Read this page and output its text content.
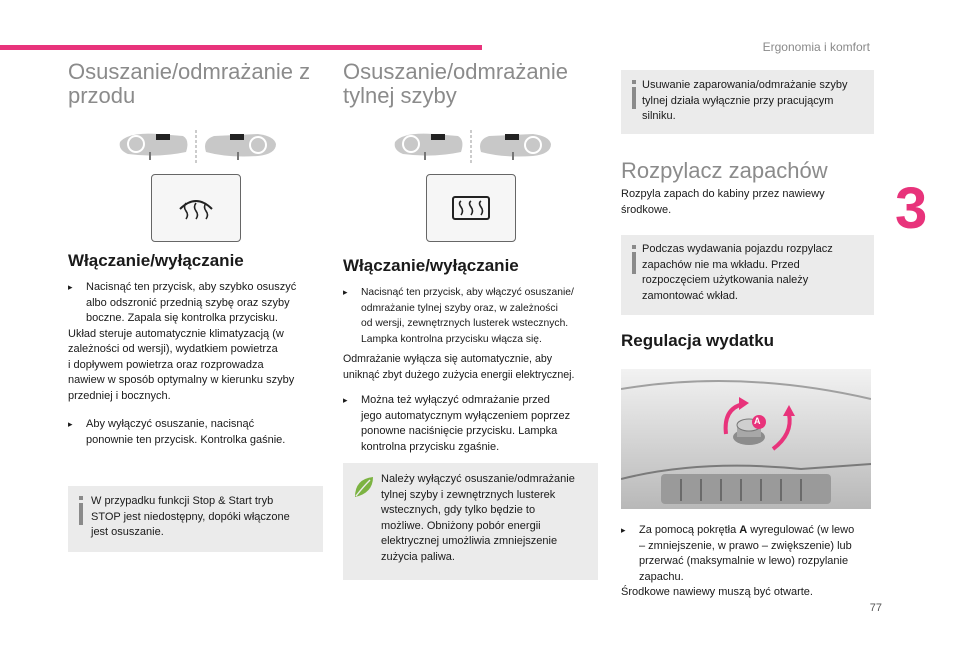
Ergonomia i komfort
3
77
Osuszanie/odmrażanie z
przodu
Włączanie/wyłączanie
▸ Nacisnąć ten przycisk, aby szybko osuszyć
albo odszronić przednią szybę oraz szyby
boczne. Zapala się kontrolka przycisku.
Układ steruje automatycznie klimatyzacją (w
zależności od wersji), wydatkiem powietrza
i dopływem powietrza oraz rozprowadza
nawiew w sposób optymalny w kierunku szyby
przedniej i bocznych.
▸ Aby wyłączyć osuszanie, nacisnąć
ponownie ten przycisk. Kontrolka gaśnie.
W przypadku funkcji Stop & Start tryb
STOP jest niedostępny, dopóki włączone
jest osuszanie.
Osuszanie/odmrażanie
tylnej szyby
Włączanie/wyłączanie
▸ Nacisnąć ten przycisk, aby włączyć osuszanie/
odmrażanie tylnej szyby oraz, w zależności
od wersji, zewnętrznych lusterek wstecznych.
Lampka kontrolna przycisku włącza się.
Odmrażanie wyłącza się automatycznie, aby
uniknąć zbyt dużego zużycia energii elektrycznej.
▸ Można też wyłączyć odmrażanie przed
jego automatycznym wyłączeniem poprzez
ponowne naciśnięcie przycisku. Lampka
kontrolna przycisku zgaśnie.
Należy wyłączyć osuszanie/odmrażanie
tylnej szyby i zewnętrznych lusterek
wstecznych, gdy tylko będzie to
możliwe. Obniżony pobór energii
elektrycznej umożliwia zmniejszenie
zużycia paliwa.
Usuwanie zaparowania/odmrażanie szyby
tylnej działa wyłącznie przy pracującym
silniku.
Rozpylacz zapachów
Rozpyla zapach do kabiny przez nawiewy
środkowe.
Podczas wydawania pojazdu rozpylacz
zapachów nie ma wkładu. Przed
rozpoczęciem użytkowania należy
zamontować wkład.
Regulacja wydatku
A
▸ Za pomocą pokrętła A wyregulować (w lewo
– zmniejszenie, w prawo – zwiększenie) lub
przerwać (maksymalnie w lewo) rozpylanie
zapachu.
Środkowe nawiewy muszą być otwarte.
